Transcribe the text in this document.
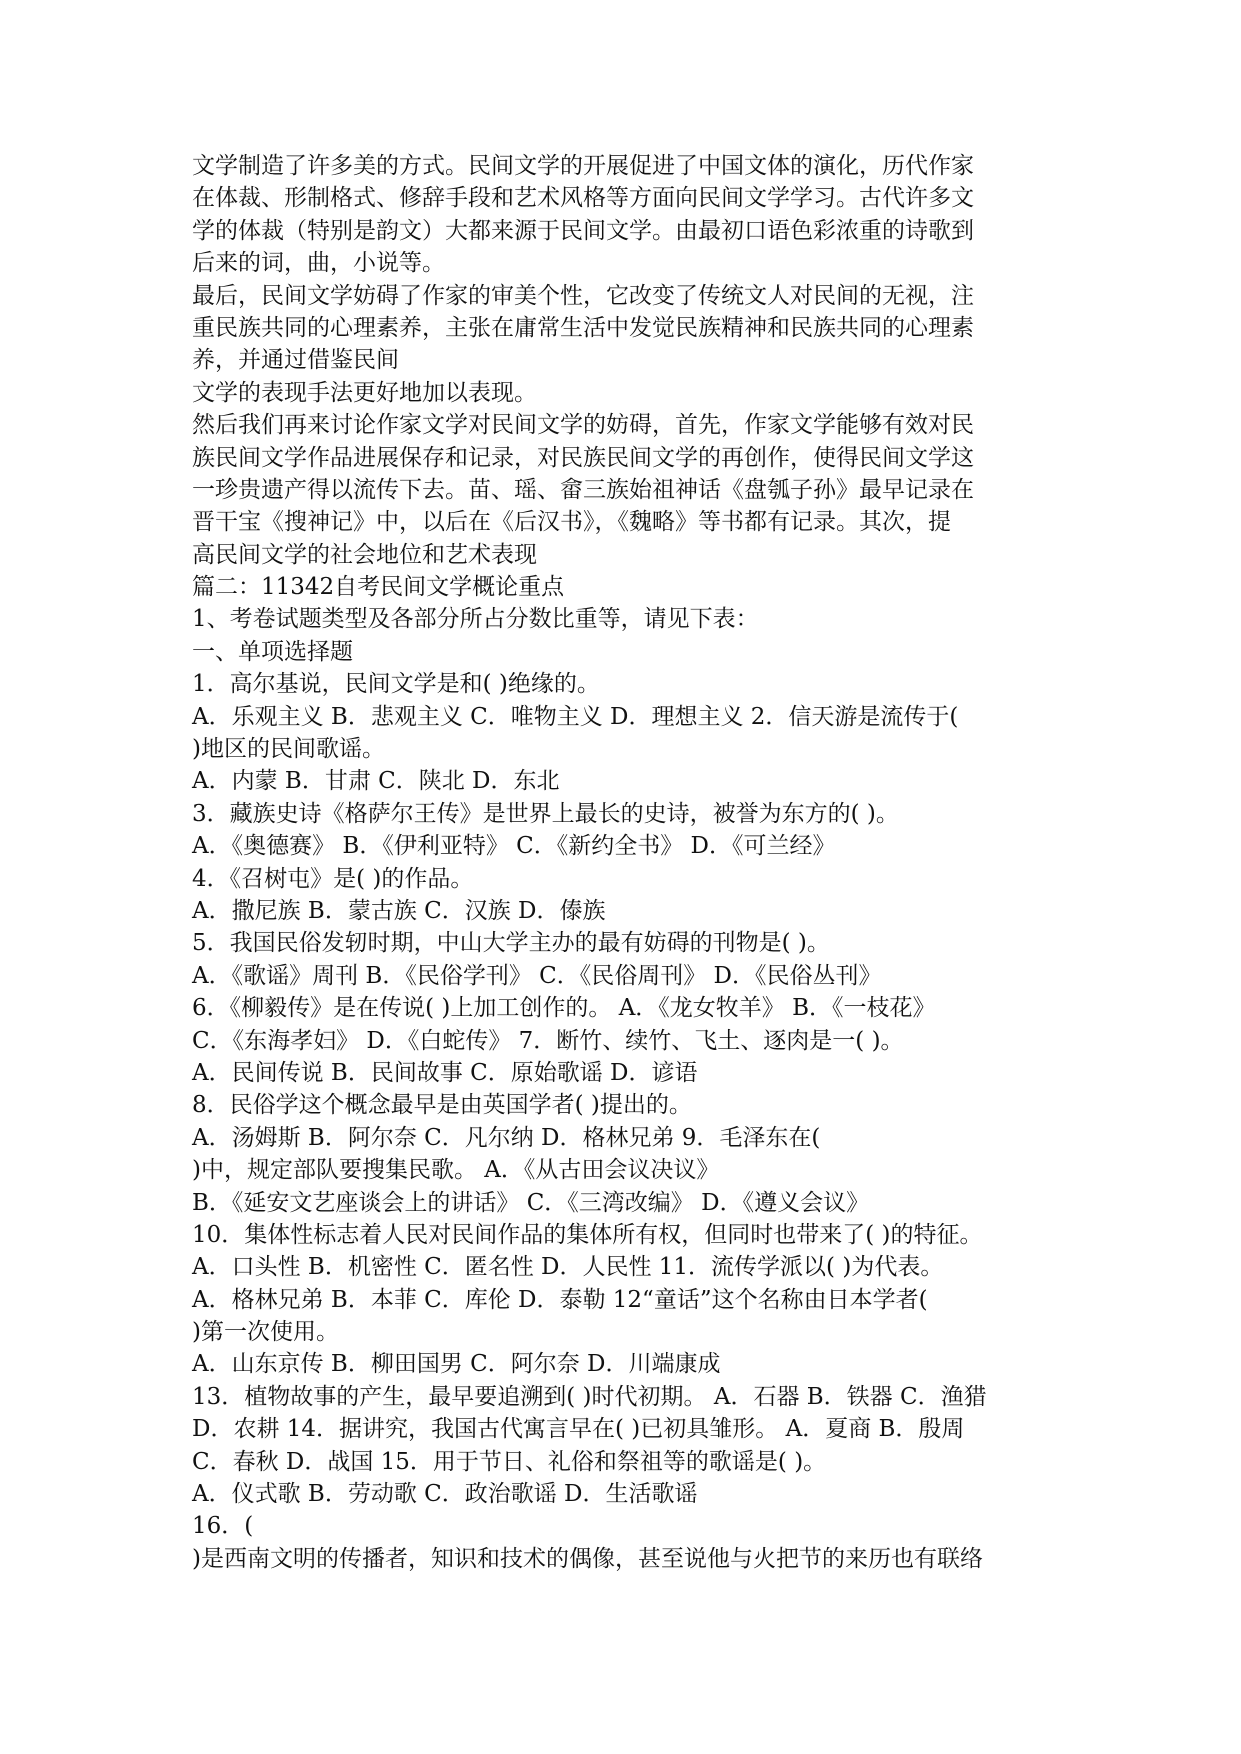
文学制造了许多美的方式。民间文学的开展促进了中国文体的演化，历代作家
在体裁、形制格式、修辞手段和艺术风格等方面向民间文学学习。古代许多文
学的体裁（特别是韵文）大都来源于民间文学。由最初口语色彩浓重的诗歌到
后来的词，曲，小说等。
最后，民间文学妨碍了作家的审美个性，它改变了传统文人对民间的无视，注
重民族共同的心理素养，主张在庸常生活中发觉民族精神和民族共同的心理素
养，并通过借鉴民间
文学的表现手法更好地加以表现。
然后我们再来讨论作家文学对民间文学的妨碍，首先，作家文学能够有效对民
族民间文学作品进展保存和记录，对民族民间文学的再创作，使得民间文学这
一珍贵遗产得以流传下去。苗、瑶、畲三族始祖神话《盘瓠子孙》最早记录在
晋干宝《搜神记》中，以后在《后汉书》，《魏略》等书都有记录。其次，提
高民间文学的社会地位和艺术表现
篇二：11342自考民间文学概论重点
1、考卷试题类型及各部分所占分数比重等，请见下表：
一、单项选择题
1．高尔基说，民间文学是和( )绝缘的。
A．乐观主义 B．悲观主义 C．唯物主义 D．理想主义 2．信天游是流传于(
)地区的民间歌谣。
A．内蒙 B．甘肃 C．陕北 D．东北
3．藏族史诗《格萨尔王传》是世界上最长的史诗，被誉为东方的( )。
A．《奥德赛》 B．《伊利亚特》 C．《新约全书》 D．《可兰经》
4．《召树屯》是( )的作品。
A．撒尼族 B．蒙古族 C．汉族 D．傣族
5．我国民俗发轫时期，中山大学主办的最有妨碍的刊物是( )。
A．《歌谣》周刊 B．《民俗学刊》 C．《民俗周刊》 D．《民俗丛刊》
6．《柳毅传》是在传说( )上加工创作的。 A．《龙女牧羊》 B．《一枝花》
C．《东海孝妇》 D．《白蛇传》 7．断竹、续竹、飞土、逐肉是一( )。
A．民间传说 B．民间故事 C．原始歌谣 D．谚语
8．民俗学这个概念最早是由英国学者( )提出的。
A．汤姆斯 B．阿尔奈 C．凡尔纳 D．格林兄弟 9．毛泽东在(
)中，规定部队要搜集民歌。 A．《从古田会议决议》
B．《延安文艺座谈会上的讲话》 C．《三湾改编》 D．《遵义会议》
10．集体性标志着人民对民间作品的集体所有权，但同时也带来了( )的特征。
A．口头性 B．机密性 C．匿名性 D．人民性 11．流传学派以( )为代表。
A．格林兄弟 B．本菲 C．库伦 D．泰勒 12“童话”这个名称由日本学者(
)第一次使用。
A．山东京传 B．柳田国男 C．阿尔奈 D．川端康成
13．植物故事的产生，最早要追溯到( )时代初期。 A．石器 B．铁器 C．渔猎
D．农耕 14．据讲究，我国古代寓言早在( )已初具雏形。 A．夏商 B．殷周
C．春秋 D．战国 15．用于节日、礼俗和祭祖等的歌谣是( )。
A．仪式歌 B．劳动歌 C．政治歌谣 D．生活歌谣
16．(
)是西南文明的传播者，知识和技术的偶像，甚至说他与火把节的来历也有联络
